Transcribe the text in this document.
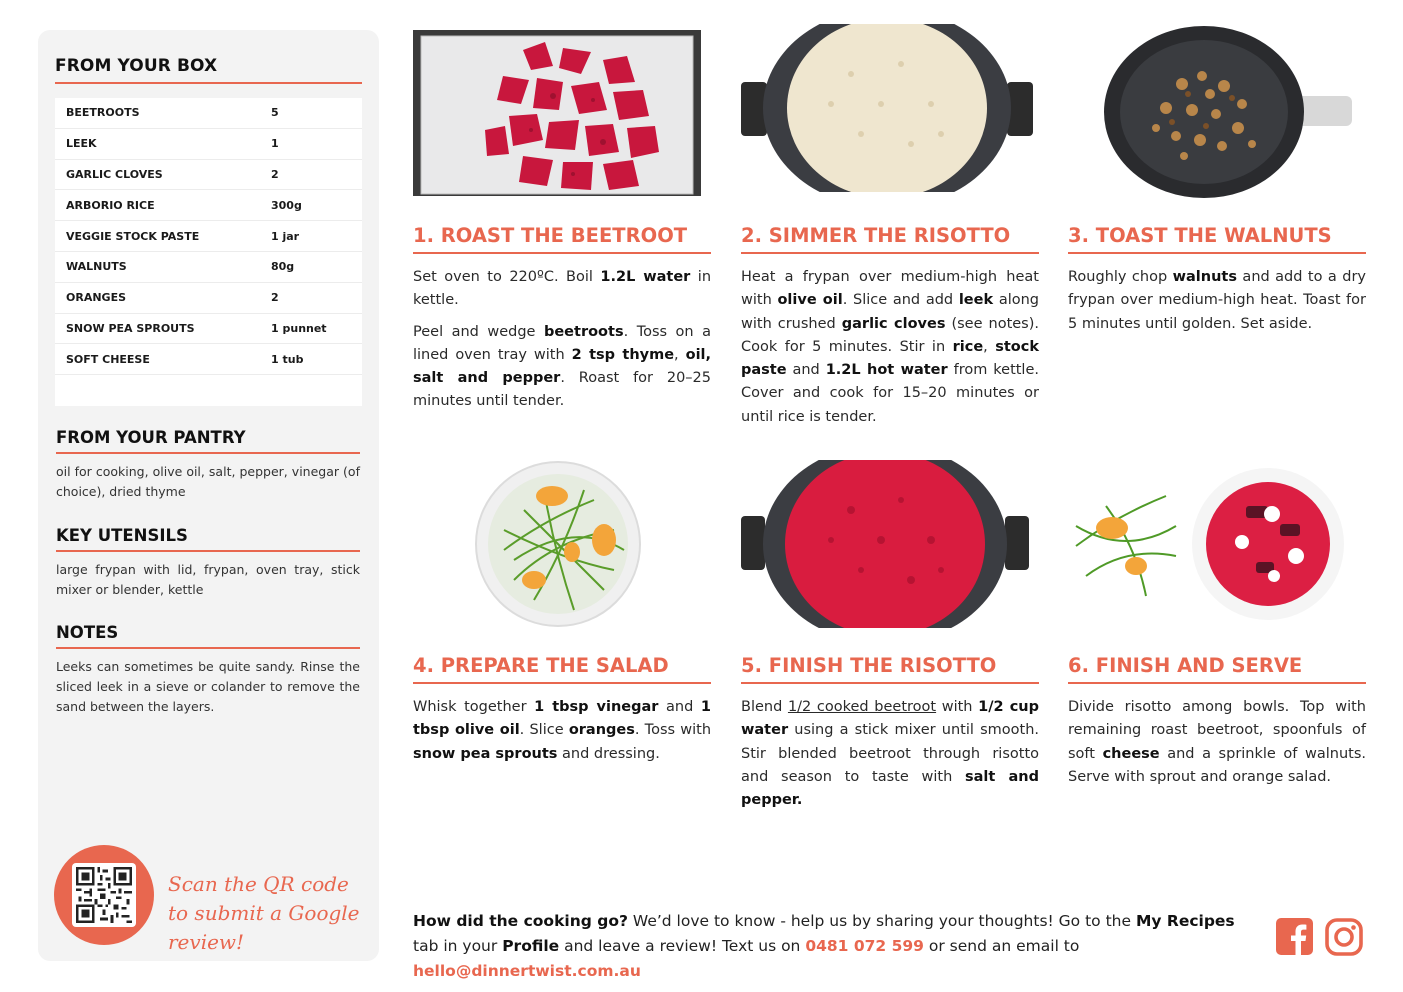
FROM YOUR BOX
BEETROOTS	5
LEEK	1
GARLIC CLOVES	2
ARBORIO RICE	300g
VEGGIE STOCK PASTE	1 jar
WALNUTS	80g
ORANGES	2
SNOW PEA SPROUTS	1 punnet
SOFT CHEESE	1 tub
FROM YOUR PANTRY
oil for cooking, olive oil, salt, pepper, vinegar (of choice), dried thyme
KEY UTENSILS
large frypan with lid, frypan, oven tray, stick mixer or blender, kettle
NOTES
Leeks can sometimes be quite sandy. Rinse the sliced leek in a sieve or colander to remove the sand between the layers.
Scan the QR code to submit a Google review!
1. ROAST THE BEETROOT

Set oven to 220ºC. Boil 1.2L water in kettle.

Peel and wedge beetroots. Toss on a lined oven tray with 2 tsp thyme, oil, salt and pepper. Roast for 20–25 minutes until tender.

2. SIMMER THE RISOTTO

Heat a frypan over medium-high heat with olive oil. Slice and add leek along with crushed garlic cloves (see notes). Cook for 5 minutes. Stir in rice, stock paste and 1.2L hot water from kettle. Cover and cook for 15–20 minutes or until rice is tender.

3. TOAST THE WALNUTS

Roughly chop walnuts and add to a dry frypan over medium-high heat. Toast for 5 minutes until golden. Set aside.

4. PREPARE THE SALAD

Whisk together 1 tbsp vinegar and 1 tbsp olive oil. Slice oranges. Toss with snow pea sprouts and dressing.

5. FINISH THE RISOTTO

Blend 1/2 cooked beetroot with 1/2 cup water using a stick mixer until smooth. Stir blended beetroot through risotto and season to taste with salt and pepper.

6. FINISH AND SERVE

Divide risotto among bowls. Top with remaining roast beetroot, spoonfuls of soft cheese and a sprinkle of walnuts. Serve with sprout and orange salad.

How did the cooking go? We’d love to know - help us by sharing your thoughts! Go to the My Recipes tab in your Profile and leave a review! Text us on 0481 072 599 or send an email to hello@dinnertwist.com.au
